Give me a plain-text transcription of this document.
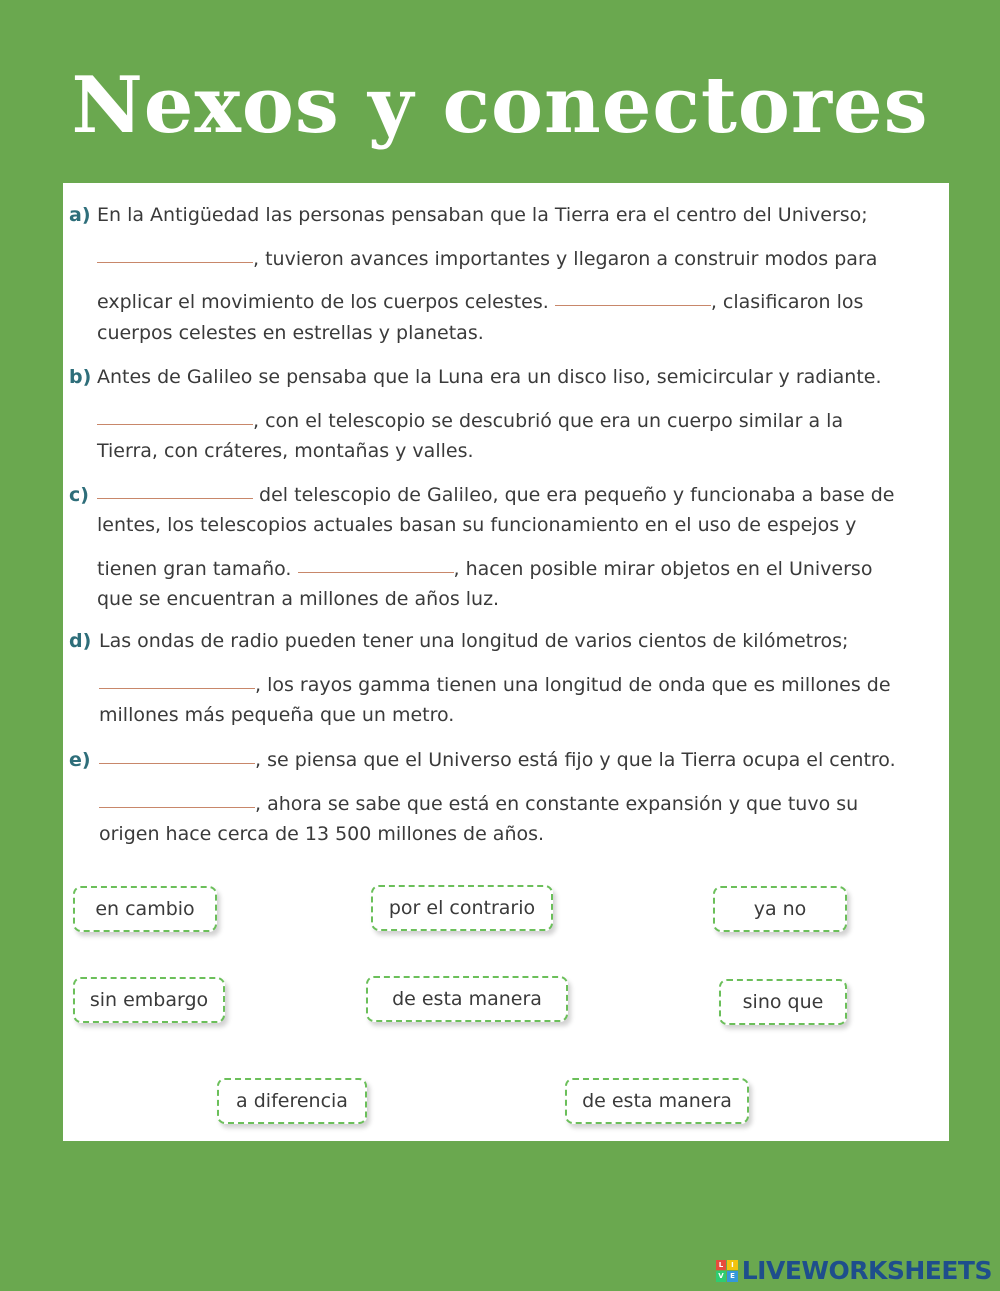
Nexos y conectores
a) En la Antigüedad las personas pensaban que la Tierra era el centro del Universo;
, tuvieron avances importantes y llegaron a construir modos para
explicar el movimiento de los cuerpos celestes.	, clasificaron los
cuerpos celestes en estrellas y planetas.
b) Antes de Galileo se pensaba que la Luna era un disco liso, semicircular y radiante.
, con el telescopio se descubrió que era un cuerpo similar a la
Tierra, con cráteres, montañas y valles.
c)	del telescopio de Galileo, que era pequeño y funcionaba a base de
lentes, los telescopios actuales basan su funcionamiento en el uso de espejos y
tienen gran tamaño.	, hacen posible mirar objetos en el Universo
que se encuentran a millones de años luz.
d) Las ondas de radio pueden tener una longitud de varios cientos de kilómetros;
, los rayos gamma tienen una longitud de onda que es millones de
millones más pequeña que un metro.
e)	, se piensa que el Universo está fijo y que la Tierra ocupa el centro.
, ahora se sabe que está en constante expansión y que tuvo su
origen hace cerca de 13 500 millones de años.
en cambio	por el contrario	ya no
sin embargo	de esta manera	sino que
a diferencia	de esta manera
L	I
V E LIVEWORKSHEETS
